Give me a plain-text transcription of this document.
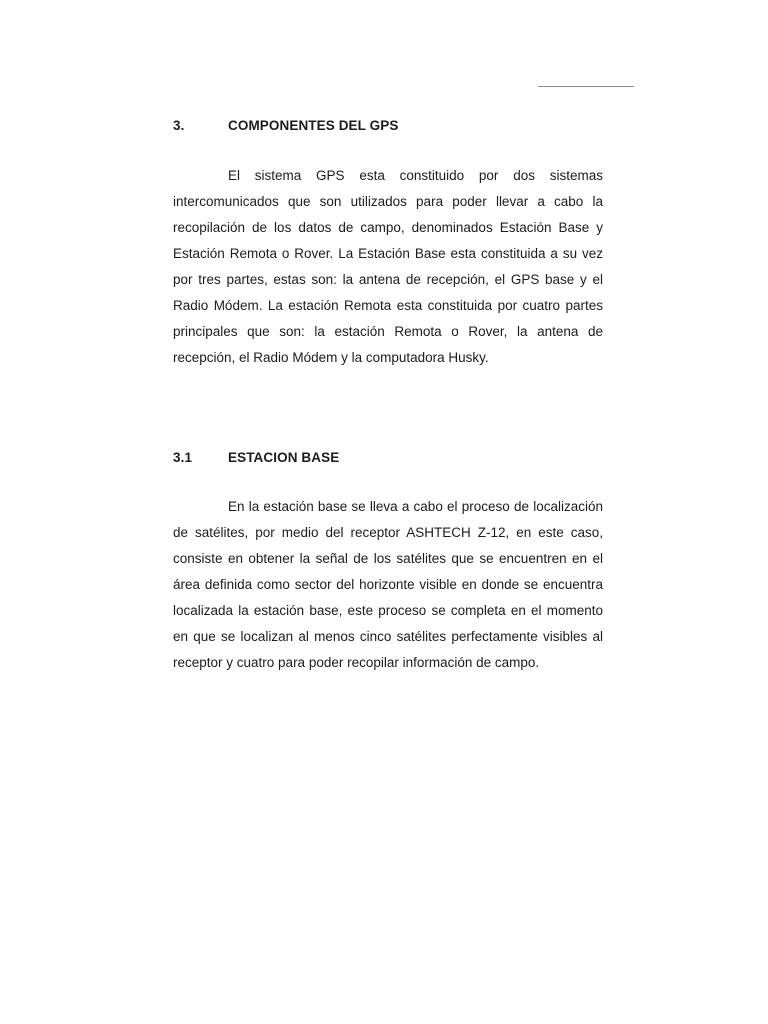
3.	COMPONENTES DEL GPS

El sistema GPS esta constituido por dos sistemas intercomunicados que son utilizados para poder llevar a cabo la recopilación de los datos de campo, denominados Estación Base y Estación Remota o Rover. La Estación Base esta constituida a su vez por tres partes, estas son: la antena de recepción, el GPS base y el Radio Módem. La estación Remota esta constituida por cuatro partes principales que son: la estación Remota o Rover, la antena de recepción, el Radio Módem y la computadora Husky.

3.1	ESTACION BASE

En la estación base se lleva a cabo el proceso de localización de satélites, por medio del receptor ASHTECH Z-12, en este caso, consiste en obtener la señal de los satélites que se encuentren en el área definida como sector del horizonte visible en donde se encuentra localizada la estación base, este proceso se completa en el momento en que se localizan al menos cinco satélites perfectamente visibles al receptor y cuatro para poder recopilar información de campo.
